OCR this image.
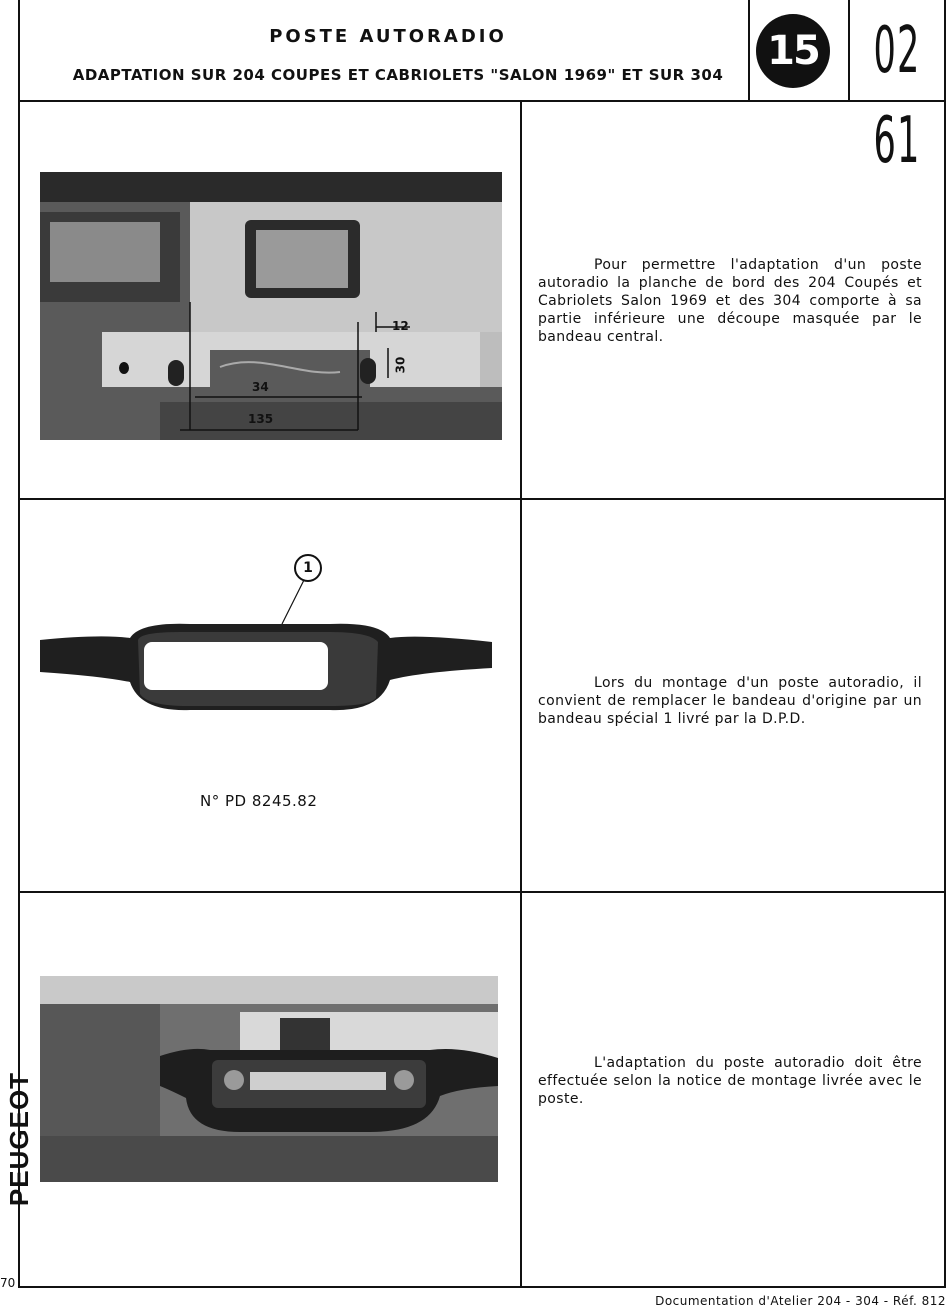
POSTE AUTORADIO
ADAPTATION SUR 204 COUPES ET CABRIOLETS "SALON 1969" ET SUR 304
15 02 61
12
30
34
135

Pour permettre l'adaptation d'un poste autoradio la planche de bord des 204 Coupés et Cabriolets Salon 1969 et des 304 comporte à sa partie inférieure une découpe masquée par le bandeau central.

1
N° PD 8245.82

Lors du montage d'un poste autoradio, il convient de remplacer le bandeau d'origine par un bandeau spécial 1 livré par la D.P.D.

L'adaptation du poste autoradio doit être effectuée selon la notice de montage livrée avec le poste.

PEUGEOT
70
Documentation d'Atelier 204 - 304 - Réf. 812
